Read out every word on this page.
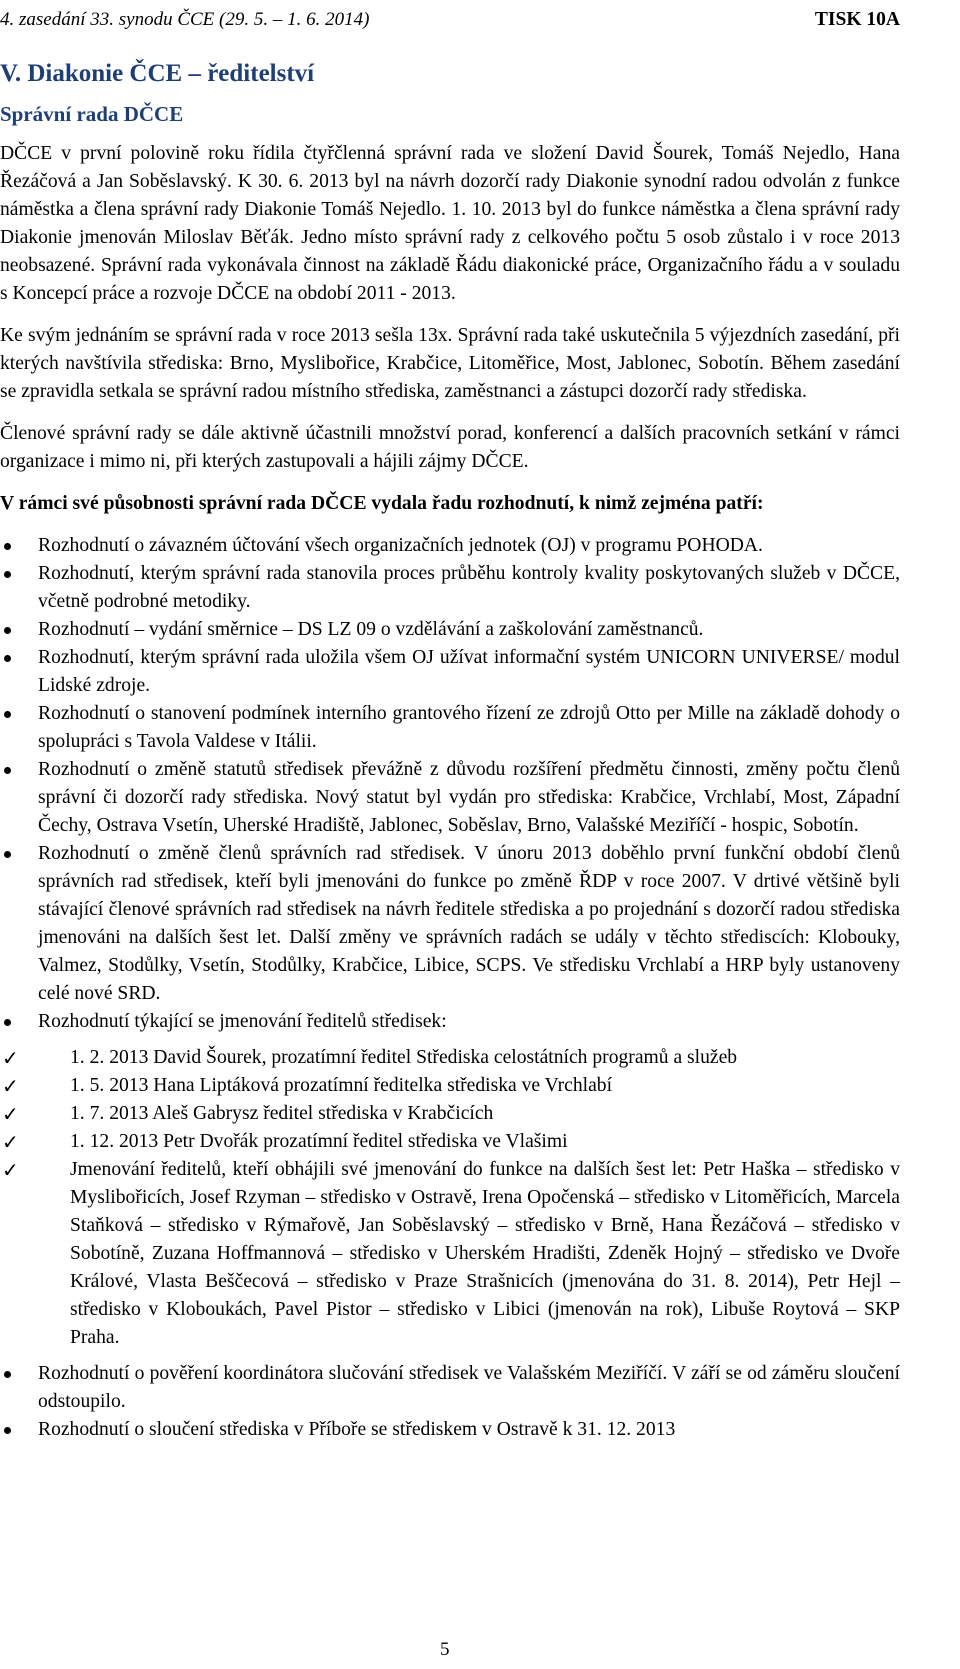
4. zasedání 33. synodu ČCE (29. 5. – 1. 6. 2014)	TISK 10A
V. Diakonie ČCE – ředitelství
Správní rada DČCE

DČCE v první polovině roku řídila čtyřčlenná správní rada ve složení David Šourek, Tomáš Nejedlo, Hana Řezáčová a Jan Soběslavský. K 30. 6. 2013 byl na návrh dozorčí rady Diakonie synodní radou odvolán z funkce náměstka a člena správní rady Diakonie Tomáš Nejedlo. 1. 10. 2013 byl do funkce náměstka a člena správní rady Diakonie jmenován Miloslav Běťák. Jedno místo správní rady z celkového počtu 5 osob zůstalo i v roce 2013 neobsazené. Správní rada vykonávala činnost na základě Řádu diakonické práce, Organizačního řádu a v souladu s Koncepcí práce a rozvoje DČCE na období 2011 - 2013.

Ke svým jednáním se správní rada v roce 2013 sešla 13x. Správní rada také uskutečnila 5 výjezdních zasedání, při kterých navštívila střediska: Brno, Myslibořice, Krabčice, Litoměřice, Most, Jablonec, Sobotín. Během zasedání se zpravidla setkala se správní radou místního střediska, zaměstnanci a zástupci dozorčí rady střediska.

Členové správní rady se dále aktivně účastnili množství porad, konferencí a dalších pracovních setkání v rámci organizace i mimo ni, při kterých zastupovali a hájili zájmy DČCE.

V rámci své působnosti správní rada DČCE vydala řadu rozhodnutí, k nimž zejména patří:

Rozhodnutí o závazném účtování všech organizačních jednotek (OJ) v programu POHODA.
Rozhodnutí, kterým správní rada stanovila proces průběhu kontroly kvality poskytovaných služeb v DČCE, včetně podrobné metodiky.
Rozhodnutí – vydání směrnice – DS LZ 09 o vzdělávání a zaškolování zaměstnanců.
Rozhodnutí, kterým správní rada uložila všem OJ užívat informační systém UNICORN UNIVERSE/ modul Lidské zdroje.
Rozhodnutí o stanovení podmínek interního grantového řízení ze zdrojů Otto per Mille na základě dohody o spolupráci s Tavola Valdese v Itálii.
Rozhodnutí o změně statutů středisek převážně z důvodu rozšíření předmětu činnosti, změny počtu členů správní či dozorčí rady střediska. Nový statut byl vydán pro střediska: Krabčice, Vrchlabí, Most, Západní Čechy, Ostrava Vsetín, Uherské Hradiště, Jablonec, Soběslav, Brno, Valašské Meziříčí - hospic, Sobotín.
Rozhodnutí o změně členů správních rad středisek. V únoru 2013 doběhlo první funkční období členů správních rad středisek, kteří byli jmenováni do funkce po změně ŘDP v roce 2007. V drtivé většině byli stávající členové správních rad středisek na návrh ředitele střediska a po projednání s dozorčí radou střediska jmenováni na dalších šest let. Další změny ve správních radách se udály v těchto střediscích: Klobouky, Valmez, Stodůlky, Vsetín, Stodůlky, Krabčice, Libice, SCPS. Ve středisku Vrchlabí a HRP byly ustanoveny celé nové SRD.
Rozhodnutí týkající se jmenování ředitelů středisek:
✓	1. 2. 2013 David Šourek, prozatímní ředitel Střediska celostátních programů a služeb
✓	1. 5. 2013 Hana Liptáková prozatímní ředitelka střediska ve Vrchlabí
✓	1. 7. 2013 Aleš Gabrysz ředitel střediska v Krabčicích
✓	1. 12. 2013 Petr Dvořák prozatímní ředitel střediska ve Vlašimi
✓	Jmenování ředitelů, kteří obhájili své jmenování do funkce na dalších šest let: Petr Haška – středisko v Myslibořicích, Josef Rzyman – středisko v Ostravě, Irena Opočenská – středisko v Litoměřicích, Marcela Staňková – středisko v Rýmařově, Jan Soběslavský – středisko v Brně, Hana Řezáčová – středisko v Sobotíně, Zuzana Hoffmannová – středisko v Uherském Hradišti, Zdeněk Hojný – středisko ve Dvoře Králové, Vlasta Beščecová – středisko v Praze Strašnicích (jmenována do 31. 8. 2014), Petr Hejl – středisko v Kloboukách, Pavel Pistor – středisko v Libici (jmenován na rok), Libuše Roytová – SKP Praha.
Rozhodnutí o pověření koordinátora slučování středisek ve Valašském Meziříčí. V září se od záměru sloučení odstoupilo.
Rozhodnutí o sloučení střediska v Příboře se střediskem v Ostravě k 31. 12. 2013
5
